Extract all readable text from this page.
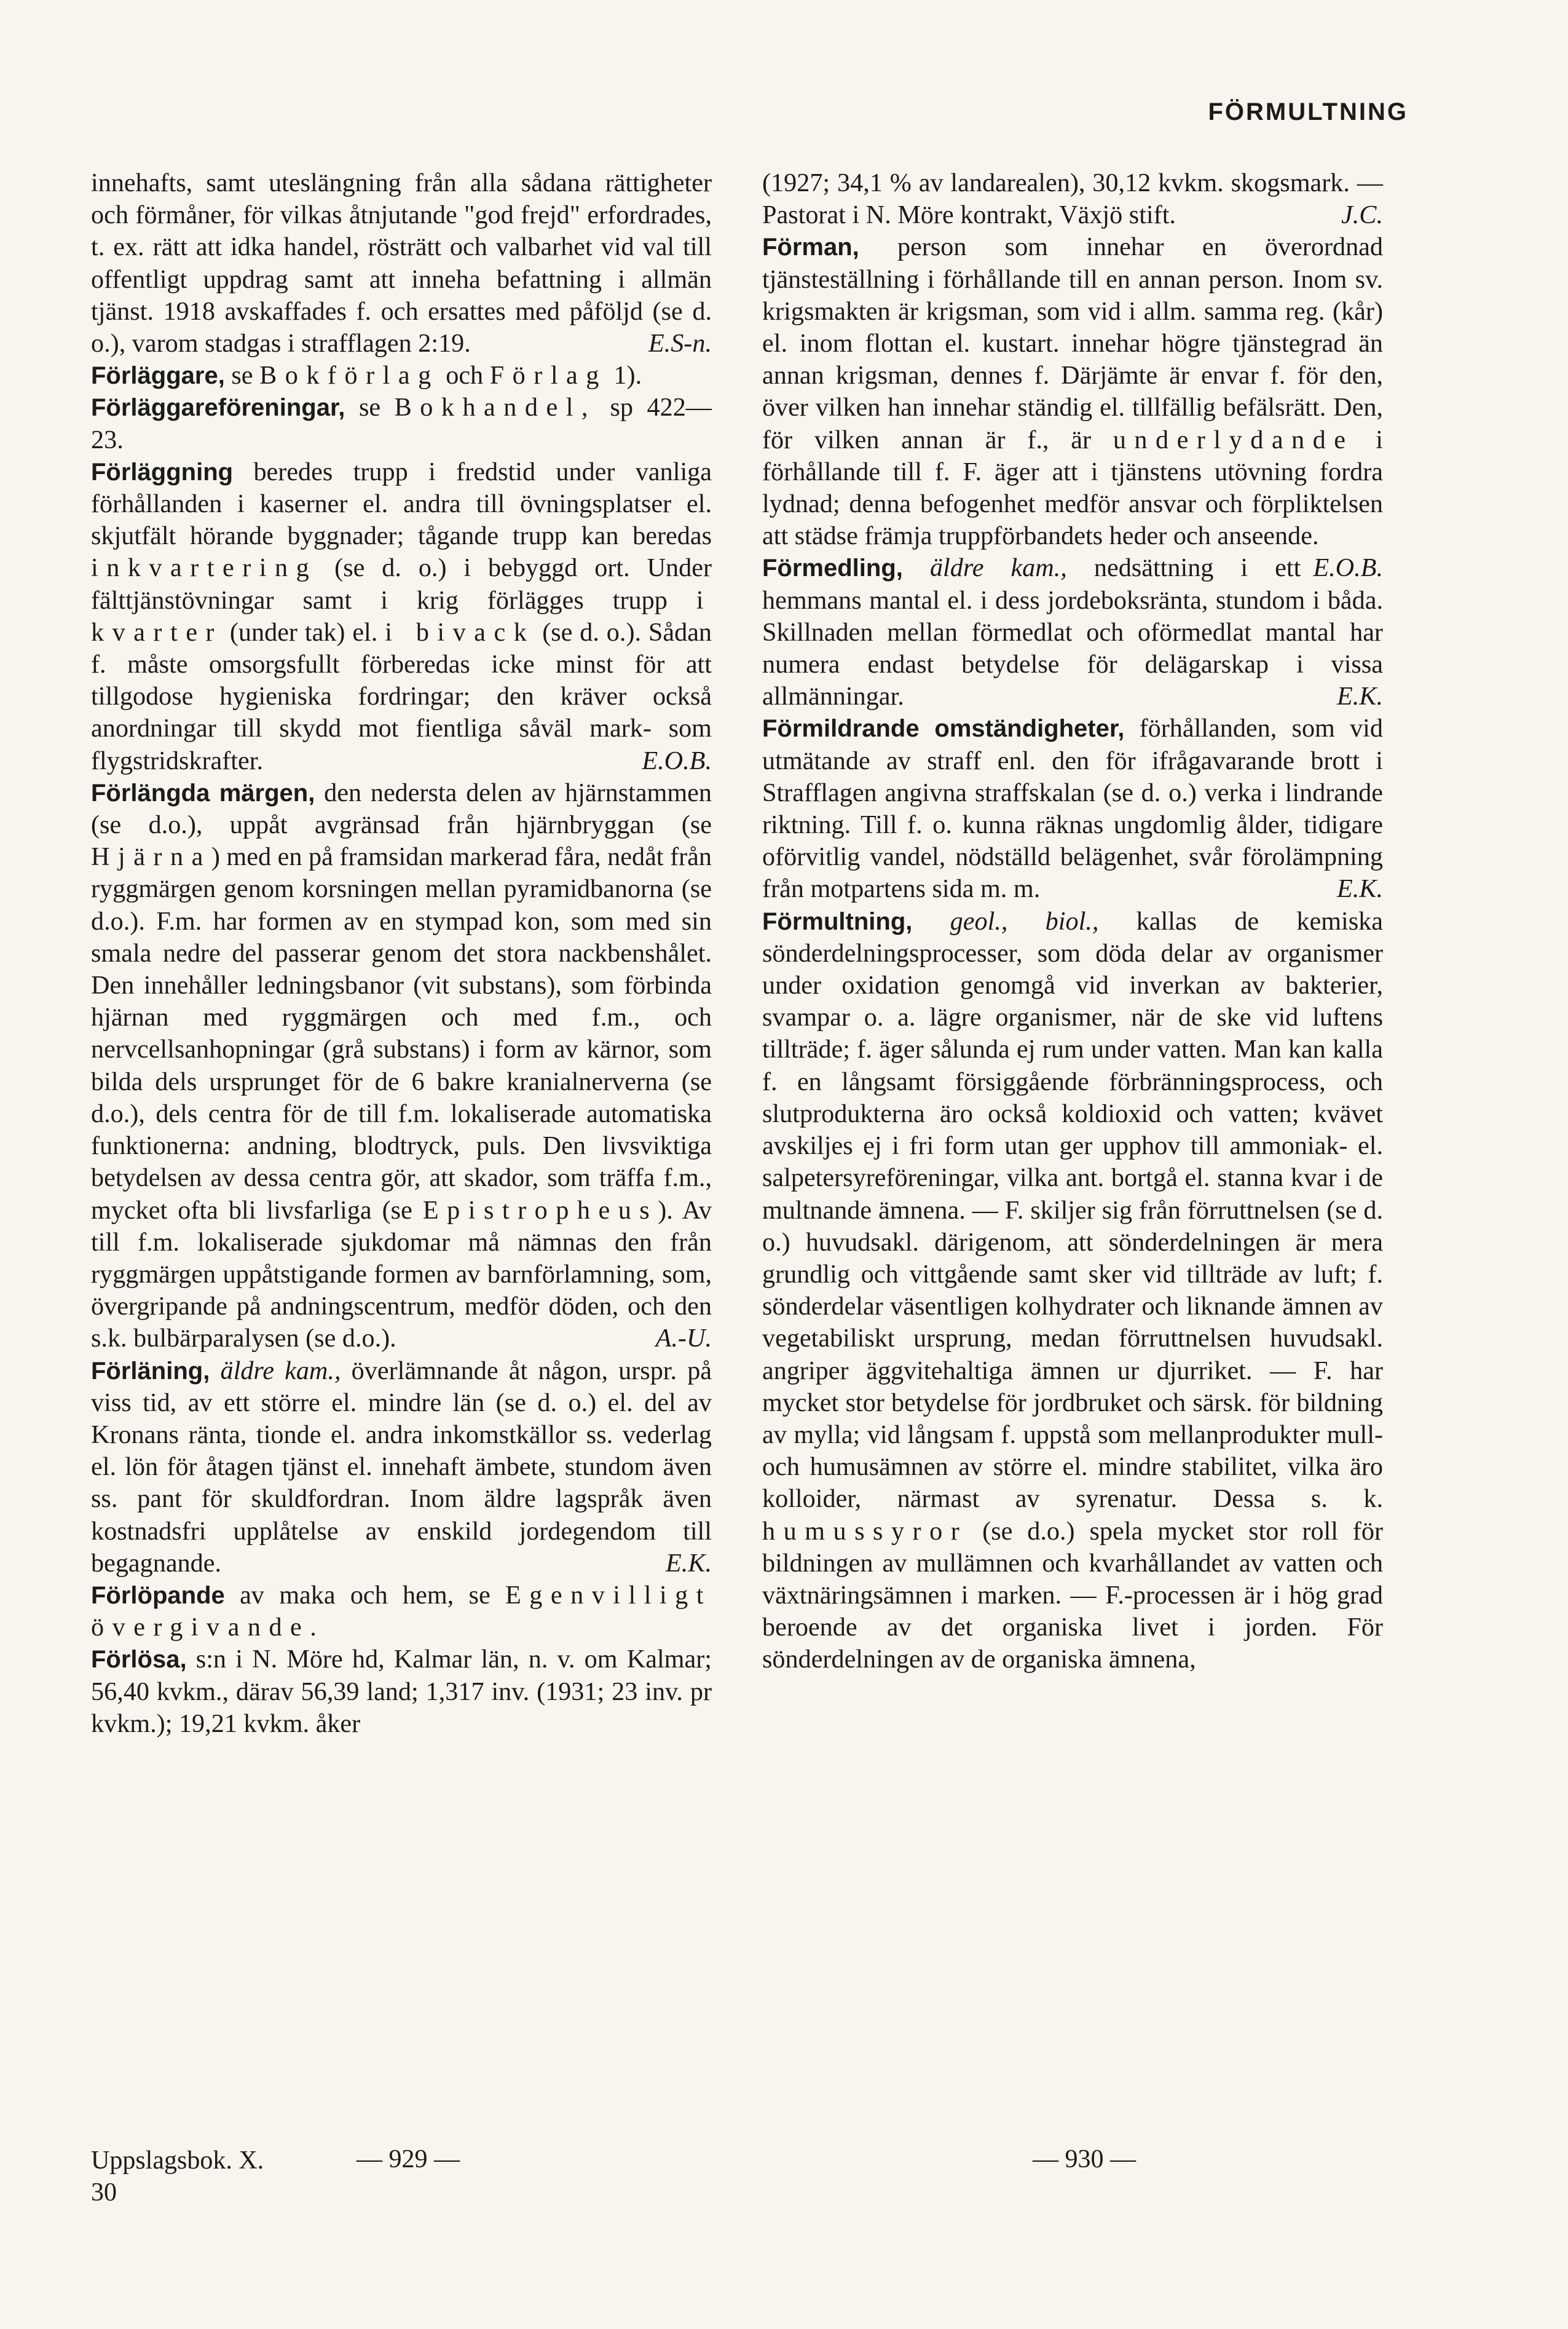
FÖRMULTNING

innehafts, samt uteslängning från alla sådana rättigheter och förmåner, för vilkas åtnjutande "god frejd" erfordrades, t. ex. rätt att idka handel, rösträtt och valbarhet vid val till offentligt uppdrag samt att inneha befattning i allmän tjänst. 1918 avskaffades f. och ersattes med påföljd (se d. o.), varom stadgas i strafflagen 2:19.	E.S-n.

Förläggare, se Bokförlag och Förlag 1).

Förläggareföreningar, se Bokhandel, sp 422—23.

Förläggning beredes trupp i fredstid under vanliga förhållanden i kaserner el. andra till övningsplatser el. skjutfält hörande byggnader; tågande trupp kan beredas inkvartering (se d. o.) i bebyggd ort. Under fälttjänstövningar samt i krig förlägges trupp i kvarter (under tak) el. i bivack (se d. o.). Sådan f. måste omsorgsfullt förberedas icke minst för att tillgodose hygieniska fordringar; den kräver också anordningar till skydd mot fientliga såväl mark- som flygstridskrafter.	E.O.B.

Förlängda märgen, den nedersta delen av hjärnstammen (se d.o.), uppåt avgränsad från hjärnbryggan (se Hjärna) med en på framsidan markerad fåra, nedåt från ryggmärgen genom korsningen mellan pyramidbanorna (se d.o.). F.m. har formen av en stympad kon, som med sin smala nedre del passerar genom det stora nackbenshålet. Den innehåller ledningsbanor (vit substans), som förbinda hjärnan med ryggmärgen och med f.m., och nervcellsanhopningar (grå substans) i form av kärnor, som bilda dels ursprunget för de 6 bakre kranialnerverna (se d.o.), dels centra för de till f.m. lokaliserade automatiska funktionerna: andning, blodtryck, puls. Den livsviktiga betydelsen av dessa centra gör, att skador, som träffa f.m., mycket ofta bli livsfarliga (se Epistropheus). Av till f.m. lokaliserade sjukdomar må nämnas den från ryggmärgen uppåtstigande formen av barnförlamning, som, övergripande på andningscentrum, medför döden, och den s.k. bulbärparalysen (se d.o.).	A.-U.

Förläning, äldre kam., överlämnande åt någon, urspr. på viss tid, av ett större el. mindre län (se d. o.) el. del av Kronans ränta, tionde el. andra inkomstkällor ss. vederlag el. lön för åtagen tjänst el. innehaft ämbete, stundom även ss. pant för skuldfordran. Inom äldre lagspråk även kostnadsfri upplåtelse av enskild jordegendom till begagnande.	E.K.

Förlöpande av maka och hem, se Egenvilligt övergivande.

Förlösa, s:n i N. Möre hd, Kalmar län, n. v. om Kalmar; 56,40 kvkm., därav 56,39 land; 1,317 inv. (1931; 23 inv. pr kvkm.); 19,21 kvkm. åker

(1927; 34,1 % av landarealen), 30,12 kvkm. skogsmark. — Pastorat i N. Möre kontrakt, Växjö stift.	J.C.

Förman, person som innehar en överordnad tjänsteställning i förhållande till en annan person. Inom sv. krigsmakten är krigsman, som vid i allm. samma reg. (kår) el. inom flottan el. kustart. innehar högre tjänstegrad än annan krigsman, dennes f. Därjämte är envar f. för den, över vilken han innehar ständig el. tillfällig befälsrätt. Den, för vilken annan är f., är underlydande i förhållande till f. F. äger att i tjänstens utövning fordra lydnad; denna befogenhet medför ansvar och förpliktelsen att städse främja truppförbandets heder och anseende.
E.O.B.

Förmedling, äldre kam., nedsättning i ett hemmans mantal el. i dess jordeboksränta, stundom i båda. Skillnaden mellan förmedlat och oförmedlat mantal har numera endast betydelse för delägarskap i vissa allmänningar.	E.K.

Förmildrande omständigheter, förhållanden, som vid utmätande av straff enl. den för ifrågavarande brott i Strafflagen angivna straffskalan (se d. o.) verka i lindrande riktning. Till f. o. kunna räknas ungdomlig ålder, tidigare oförvitlig vandel, nödställd belägenhet, svår förolämpning från motpartens sida m. m.	E.K.

Förmultning, geol., biol., kallas de kemiska sönderdelningsprocesser, som döda delar av organismer under oxidation genomgå vid inverkan av bakterier, svampar o. a. lägre organismer, när de ske vid luftens tillträde; f. äger sålunda ej rum under vatten. Man kan kalla f. en långsamt försiggående förbränningsprocess, och slutprodukterna äro också koldioxid och vatten; kvävet avskiljes ej i fri form utan ger upphov till ammoniak- el. salpetersyreföreningar, vilka ant. bortgå el. stanna kvar i de multnande ämnena. — F. skiljer sig från förruttnelsen (se d. o.) huvudsakl. därigenom, att sönderdelningen är mera grundlig och vittgående samt sker vid tillträde av luft; f. sönderdelar väsentligen kolhydrater och liknande ämnen av vegetabiliskt ursprung, medan förruttnelsen huvudsakl. angriper äggvitehaltiga ämnen ur djurriket. — F. har mycket stor betydelse för jordbruket och särsk. för bildning av mylla; vid långsam f. uppstå som mellanprodukter mull- och humusämnen av större el. mindre stabilitet, vilka äro kolloider, närmast av syrenatur. Dessa s. k. humussyror (se d.o.) spela mycket stor roll för bildningen av mullämnen och kvarhållandet av vatten och växtnäringsämnen i marken. — F.-processen är i hög grad beroende av det organiska livet i jorden. För sönderdelningen av de organiska ämnena,

Uppslagsbok. X.
30
— 929 —	— 930 —
